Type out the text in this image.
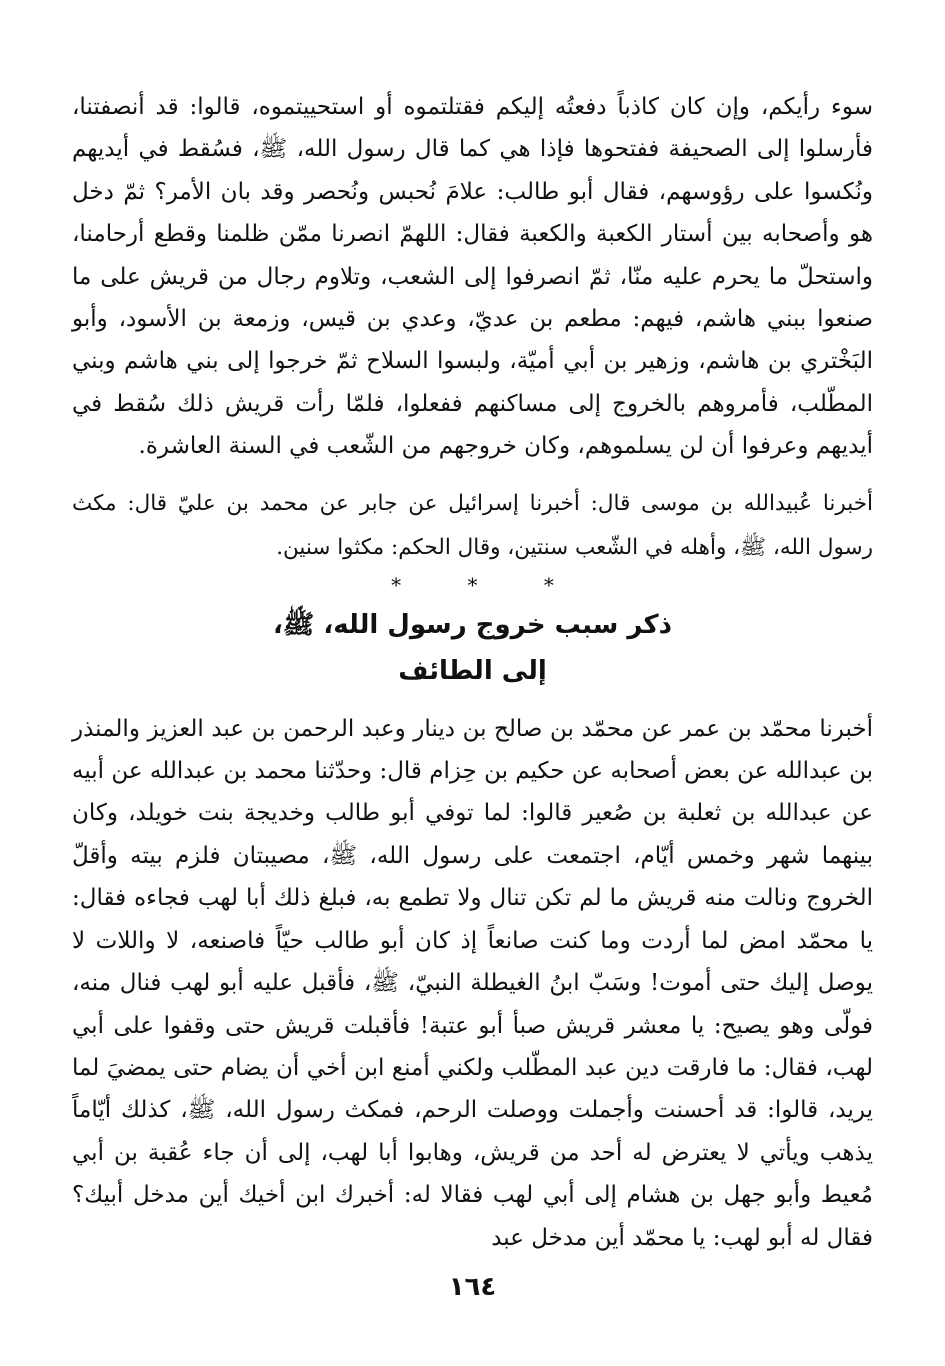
سوء رأيكم، وإن كان كاذباً دفعتُه إليكم فقتلتموه أو استحييتموه، قالوا: قد أنصفتنا، فأرسلوا إلى الصحيفة ففتحوها فإذا هي كما قال رسول الله، ﷺ، فسُقط في أيديهم ونُكسوا على رؤوسهم، فقال أبو طالب: علامَ نُحبس ونُحصر وقد بان الأمر؟ ثمّ دخل هو وأصحابه بين أستار الكعبة والكعبة فقال: اللهمّ انصرنا ممّن ظلمنا وقطع أرحامنا، واستحلّ ما يحرم عليه منّا، ثمّ انصرفوا إلى الشعب، وتلاوم رجال من قريش على ما صنعوا ببني هاشم، فيهم: مطعم بن عديّ، وعدي بن قيس، وزمعة بن الأسود، وأبو البَخْتري بن هاشم، وزهير بن أبي أميّة، ولبسوا السلاح ثمّ خرجوا إلى بني هاشم وبني المطّلب، فأمروهم بالخروج إلى مساكنهم ففعلوا، فلمّا رأت قريش ذلك سُقط في أيديهم وعرفوا أن لن يسلموهم، وكان خروجهم من الشّعب في السنة العاشرة.

أخبرنا عُبيدالله بن موسى قال: أخبرنا إسرائيل عن جابر عن محمد بن عليّ قال: مكث رسول الله، ﷺ، وأهله في الشّعب سنتين، وقال الحكم: مكثوا سنين.

* * *
ذكر سبب خروج رسول الله، ﷺ،
إلى الطائف

أخبرنا محمّد بن عمر عن محمّد بن صالح بن دينار وعبد الرحمن بن عبد العزيز والمنذر بن عبدالله عن بعض أصحابه عن حكيم بن حِزام قال: وحدّثنا محمد بن عبدالله عن أبيه عن عبدالله بن ثعلبة بن صُعير قالوا: لما توفي أبو طالب وخديجة بنت خويلد، وكان بينهما شهر وخمس أيّام، اجتمعت على رسول الله، ﷺ، مصيبتان فلزم بيته وأقلّ الخروج ونالت منه قريش ما لم تكن تنال ولا تطمع به، فبلغ ذلك أبا لهب فجاءه فقال: يا محمّد امض لما أردت وما كنت صانعاً إذ كان أبو طالب حيّاً فاصنعه، لا واللات لا يوصل إليك حتى أموت! وسَبّ ابنُ الغيطلة النبيّ، ﷺ، فأقبل عليه أبو لهب فنال منه، فولّى وهو يصيح: يا معشر قريش صبأ أبو عتبة! فأقبلت قريش حتى وقفوا على أبي لهب، فقال: ما فارقت دين عبد المطّلب ولكني أمنع ابن أخي أن يضام حتى يمضيَ لما يريد، قالوا: قد أحسنت وأجملت ووصلت الرحم، فمكث رسول الله، ﷺ، كذلك أيّاماً يذهب ويأتي لا يعترض له أحد من قريش، وهابوا أبا لهب، إلى أن جاء عُقبة بن أبي مُعيط وأبو جهل بن هشام إلى أبي لهب فقالا له: أخبرك ابن أخيك أين مدخل أبيك؟ فقال له أبو لهب: يا محمّد أين مدخل عبد

١٦٤
